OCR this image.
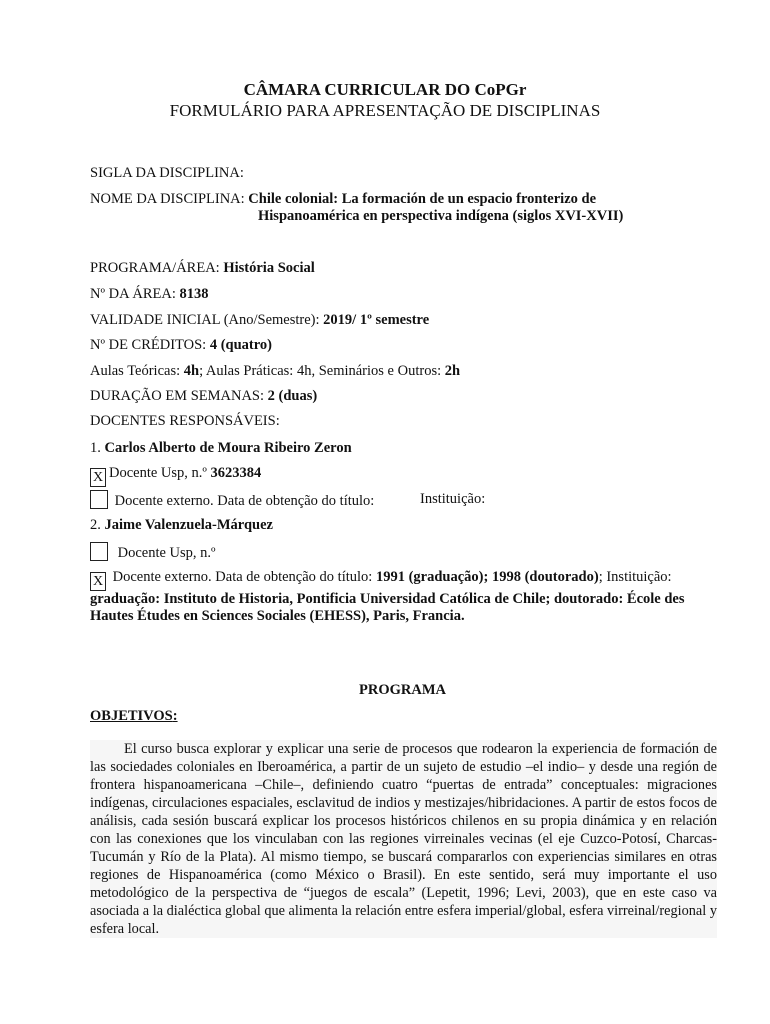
CÂMARA CURRICULAR DO CoPGr
FORMULÁRIO PARA APRESENTAÇÃO DE DISCIPLINAS
SIGLA DA DISCIPLINA:
NOME DA DISCIPLINA: Chile colonial: La formación de un espacio fronterizo de
Hispanoamérica en perspectiva indígena (siglos XVI-XVII)
PROGRAMA/ÁREA: História Social
Nº DA ÁREA: 8138
VALIDADE INICIAL (Ano/Semestre): 2019/ 1º semestre
Nº DE CRÉDITOS: 4 (quatro)
Aulas Teóricas: 4h; Aulas Práticas: 4h, Seminários e Outros: 2h
DURAÇÃO EM SEMANAS: 2 (duas)
DOCENTES RESPONSÁVEIS:
1. Carlos Alberto de Moura Ribeiro Zeron
X Docente Usp, n.º 3623384
Docente externo. Data de obtenção do título:	Instituição:
2. Jaime Valenzuela-Márquez
Docente Usp, n.º
X Docente externo. Data de obtenção do título: 1991 (graduação); 1998 (doutorado); Instituição: graduação: Instituto de Historia, Pontificia Universidad Católica de Chile; doutorado: École des Hautes Études en Sciences Sociales (EHESS), Paris, Francia.
PROGRAMA
OBJETIVOS:
El curso busca explorar y explicar una serie de procesos que rodearon la experiencia de formación de las sociedades coloniales en Iberoamérica, a partir de un sujeto de estudio –el indio– y desde una región de frontera hispanoamericana –Chile–, definiendo cuatro “puertas de entrada” conceptuales: migraciones indígenas, circulaciones espaciales, esclavitud de indios y mestizajes/hibridaciones. A partir de estos focos de análisis, cada sesión buscará explicar los procesos históricos chilenos en su propia dinámica y en relación con las conexiones que los vinculaban con las regiones virreinales vecinas (el eje Cuzco-Potosí, Charcas-Tucumán y Río de la Plata). Al mismo tiempo, se buscará compararlos con experiencias similares en otras regiones de Hispanoamérica (como México o Brasil). En este sentido, será muy importante el uso metodológico de la perspectiva de “juegos de escala” (Lepetit, 1996; Levi, 2003), que en este caso va asociada a la dialéctica global que alimenta la relación entre esfera imperial/global, esfera virreinal/regional y esfera local.
